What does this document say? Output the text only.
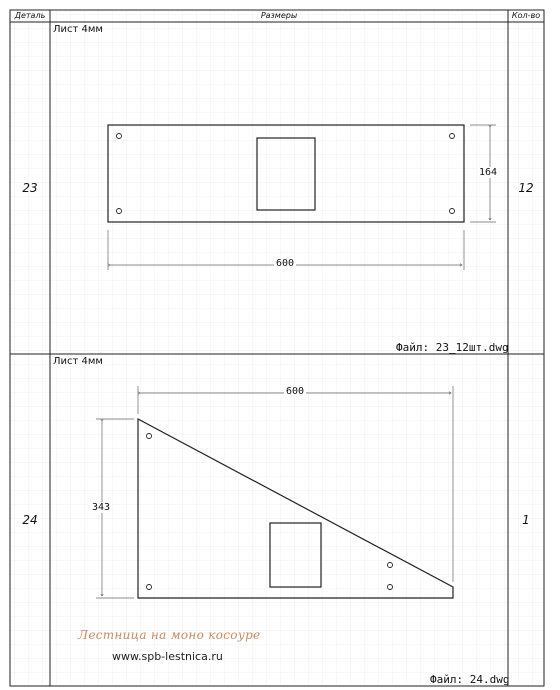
Деталь	Размеры	Кол-во
23	12
Лист 4мм
600
164
Файл: 23_12шт.dwg
24	1
Лист 4мм
600
343
Файл: 24.dwg
Лестница на моно косоуре
www.spb-lestnica.ru
